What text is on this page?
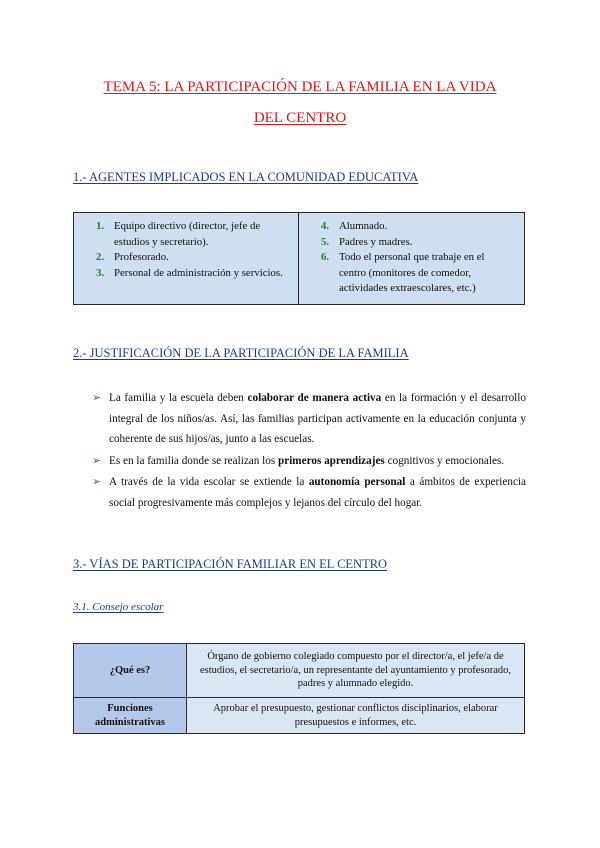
TEMA 5: LA PARTICIPACIÓN DE LA FAMILIA EN LA VIDA
DEL CENTRO
1.- AGENTES IMPLICADOS EN LA COMUNIDAD EDUCATIVA
1. Equipo directivo (director, jefe de estudios y secretario).
2. Profesorado.
3. Personal de administración y servicios.
4. Alumnado.
5. Padres y madres.
6. Todo el personal que trabaje en el centro (monitores de comedor, actividades extraescolares, etc.)
2.- JUSTIFICACIÓN DE LA PARTICIPACIÓN DE LA FAMILIA
➢ La familia y la escuela deben colaborar de manera activa en la formación y el desarrollo integral de los niños/as. Así, las familias participan activamente en la educación conjunta y coherente de sus hijos/as, junto a las escuelas.
➢ Es en la familia donde se realizan los primeros aprendizajes cognitivos y emocionales.
➢ A través de la vida escolar se extiende la autonomía personal a ámbitos de experiencia social progresivamente más complejos y lejanos del círculo del hogar.
3.- VÍAS DE PARTICIPACIÓN FAMILIAR EN EL CENTRO
3.1. Consejo escolar
¿Qué es?	Órgano de gobierno colegiado compuesto por el director/a, el jefe/a de estudios, el secretario/a, un representante del ayuntamiento y profesorado, padres y alumnado elegido.
Funciones administrativas	Aprobar el presupuesto, gestionar conflictos disciplinarios, elaborar presupuestos e informes, etc.
